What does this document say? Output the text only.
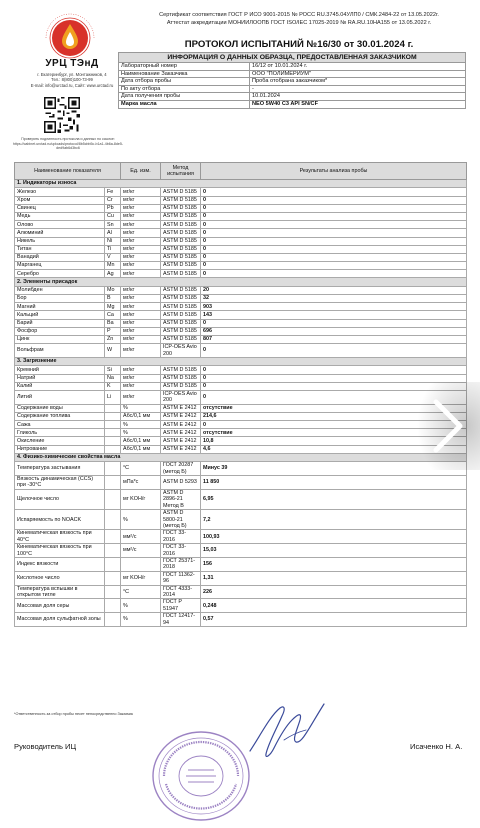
УРЦ ТЭнД
г. Екатеринбург, ул. Монтажников, 4
Тел.: 8(800)100-73-99
E-mail: info@urctad.ru, Сайт: www.urctad.ru
Проверить подлинность протокола и данных по ссылке: https://cabinet.urctad.ru/uploads/protocol/8b5cbb5c-b1a1-4b6a-8de5-ded9ab6d3bc6
Сертификат соответствия ГОСТ Р ИСО 9001-2015 № РОСС RU.3745.04УЛП0 / СМК.2484-22 от 13.05.2022г.
Аттестат аккредитации МОНИИЛООПБ ГОСТ ISO/IEC 17025-2019 № RA.RU.10HA155 от 13.05.2022 г.
ПРОТОКОЛ ИСПЫТАНИЙ №16/30 от 30.01.2024 г.
ИНФОРМАЦИЯ О ДАННЫХ ОБРАЗЦА, ПРЕДОСТАВЛЕННАЯ ЗАКАЗЧИКОМ	
Лабораторный номер	16/12 от 10.01.2024 г.
Наименование Заказчика	ООО "ПОЛИМЕРИУМ"
Дата отбора пробы	Проба отобрана заказчиком*
По акту отбора	-
Дата получения пробы	10.01.2024
Марка масла	NEO 5W40 C3 API SN/CF
Наименование показателя		Ед. изм.	Метод испытания	Результаты анализа пробы
1. Индикаторы износа				
Железо	Fe	мг/кг	ASTM D 5185	0
Хром	Cr	мг/кг	ASTM D 5185	0
Свинец	Pb	мг/кг	ASTM D 5185	0
Медь	Cu	мг/кг	ASTM D 5185	0
Олово	Sn	мг/кг	ASTM D 5185	0
Алюминий	Al	мг/кг	ASTM D 5185	0
Никель	Ni	мг/кг	ASTM D 5185	0
Титан	Ti	мг/кг	ASTM D 5185	0
Ванадий	V	мг/кг	ASTM D 5185	0
Марганец	Mn	мг/кг	ASTM D 5185	0
Серебро	Ag	мг/кг	ASTM D 5185	0
2. Элементы присадок				
Молибден	Mo	мг/кг	ASTM D 5185	20
Бор	B	мг/кг	ASTM D 5185	32
Магний	Mg	мг/кг	ASTM D 5185	903
Кальций	Ca	мг/кг	ASTM D 5185	143
Барий	Ba	мг/кг	ASTM D 5185	0
Фосфор	P	мг/кг	ASTM D 5185	696
Цинк	Zn	мг/кг	ASTM D 5185	807
Вольфрам	W	мг/кг	ICP-OES Avio 200	0
3. Загрязнение				
Кремний	Si	мг/кг	ASTM D 5185	0
Натрий	Na	мг/кг	ASTM D 5185	0
Калий	K	мг/кг	ASTM D 5185	0
Литий	Li	мг/кг	ICP-OES Avio 200	0
Содержание воды		%	ASTM E 2412	отсутствие
Содержание топлива		Абс/0,1 мм	ASTM E 2412	214,6
Сажа		%	ASTM E 2412	0
Гликоль		%	ASTM E 2412	отсутствие
Окисление		Абс/0,1 мм	ASTM E 2412	10,8
Нитрование		Абс/0,1 мм	ASTM E 2412	4,6
4. Физико-химические свойства масла				
Температура застывания		°С	ГОСТ 20287 (метод Б)	Минус 39
Вязкость динамическая (CCS) при -30°С		мПа*с	ASTM D 5293	11 850
Щелочное число		мг KOH/г	ASTM D 2896-21 Метод B	6,95
Испаряемость по NOACK		%	ASTM D 5800-21 (метод Б)	7,2
Кинематическая вязкость при 40°С		мм²/с	ГОСТ 33-2016	100,93
Кинематическая вязкость при 100°С		мм²/с	ГОСТ 33-2016	15,03
Индекс вязкости			ГОСТ 25371-2018	156
Кислотное число		мг KOH/г	ГОСТ 11362-96	1,31
Температура вспышки в открытом тигле		°С	ГОСТ 4333-2014	226
Массовая доля серы		%	ГОСТ Р 51947	0,248
Массовая доля сульфатной золы		%	ГОСТ 12417-94	0,57
*Ответственность за отбор пробы несет непосредственно Заказчик
Руководитель ИЦ	Исаченко Н. А.
